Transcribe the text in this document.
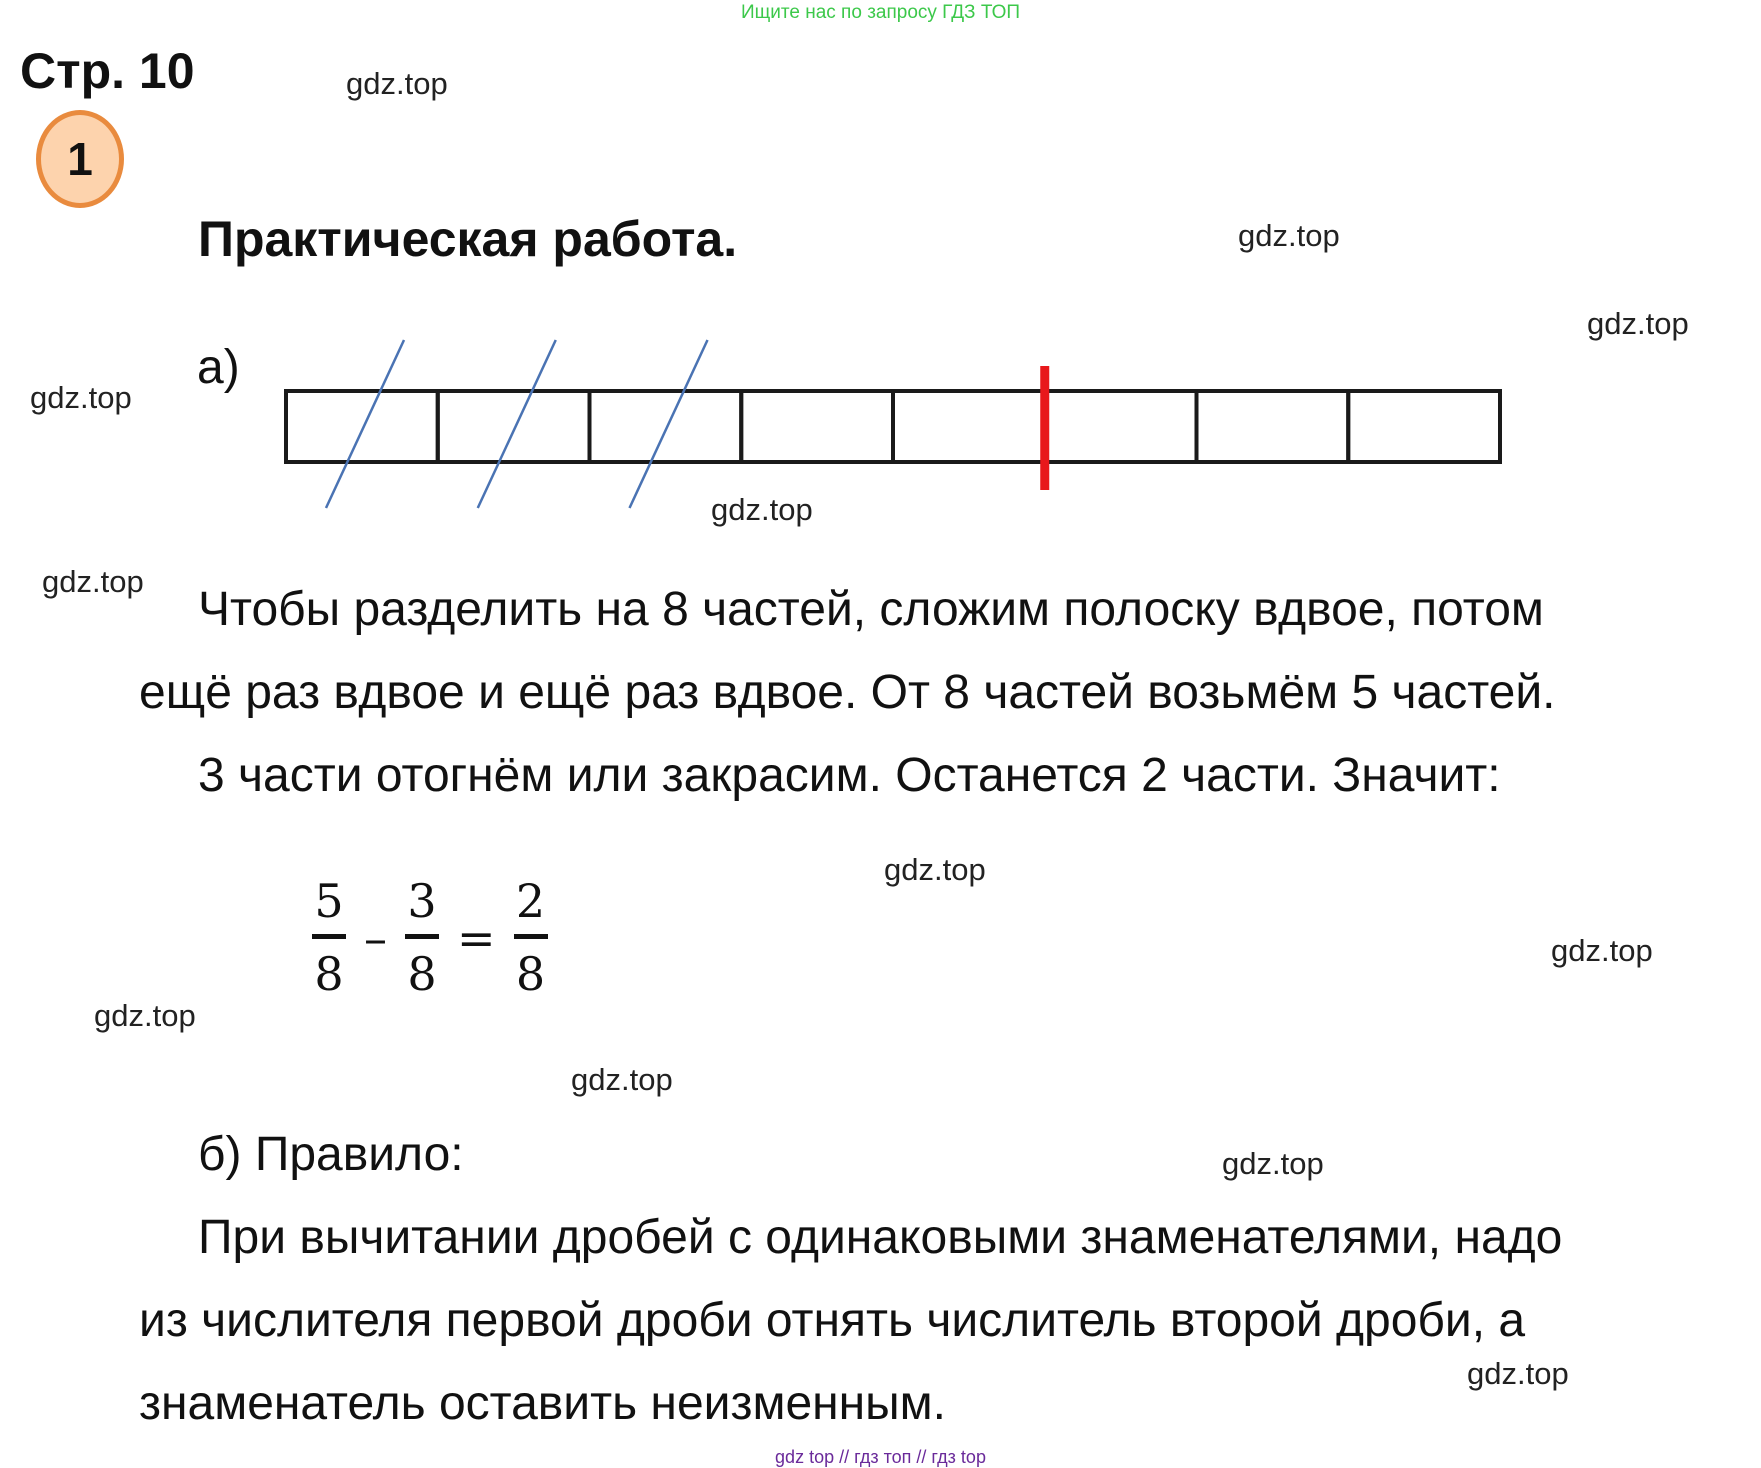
Ищите нас по запросу ГДЗ ТОП
Стр. 10
1
Практическая работа.
а)
Чтобы разделить на 8 частей, сложим полоску вдвое, потом
ещё раз вдвое и ещё раз вдвое. От 8 частей возьмём 5 частей.
3 части отогнём или закрасим. Останется 2 части. Значит:
5
8
–
3
8
=
2
8
б) Правило:
При вычитании дробей с одинаковыми знаменателями, надо
из числителя первой дроби отнять числитель второй дроби, а
знаменатель оставить неизменным.
gdz.top
gdz.top
gdz.top
gdz.top
gdz.top
gdz.top
gdz.top
gdz.top
gdz.top
gdz.top
gdz.top
gdz.top
gdz top // гдз топ // гдз top
